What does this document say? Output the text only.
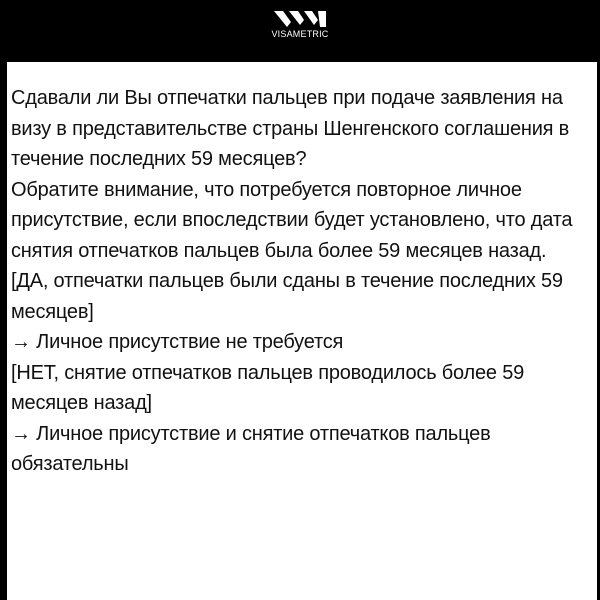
VISAMETRIC

Сдавали ли Вы отпечатки пальцев при подаче заявления на визу в представительстве страны Шенгенского соглашения в течение последних 59 месяцев?

Обратите внимание, что потребуется повторное личное присутствие, если впоследствии будет установлено, что дата снятия отпечатков пальцев была более 59 месяцев назад.

[ДА, отпечатки пальцев были сданы в течение последних 59 месяцев]

→ Личное присутствие не требуется

[НЕТ, снятие отпечатков пальцев проводилось более 59 месяцев назад]

→ Личное присутствие и снятие отпечатков пальцев обязательны
